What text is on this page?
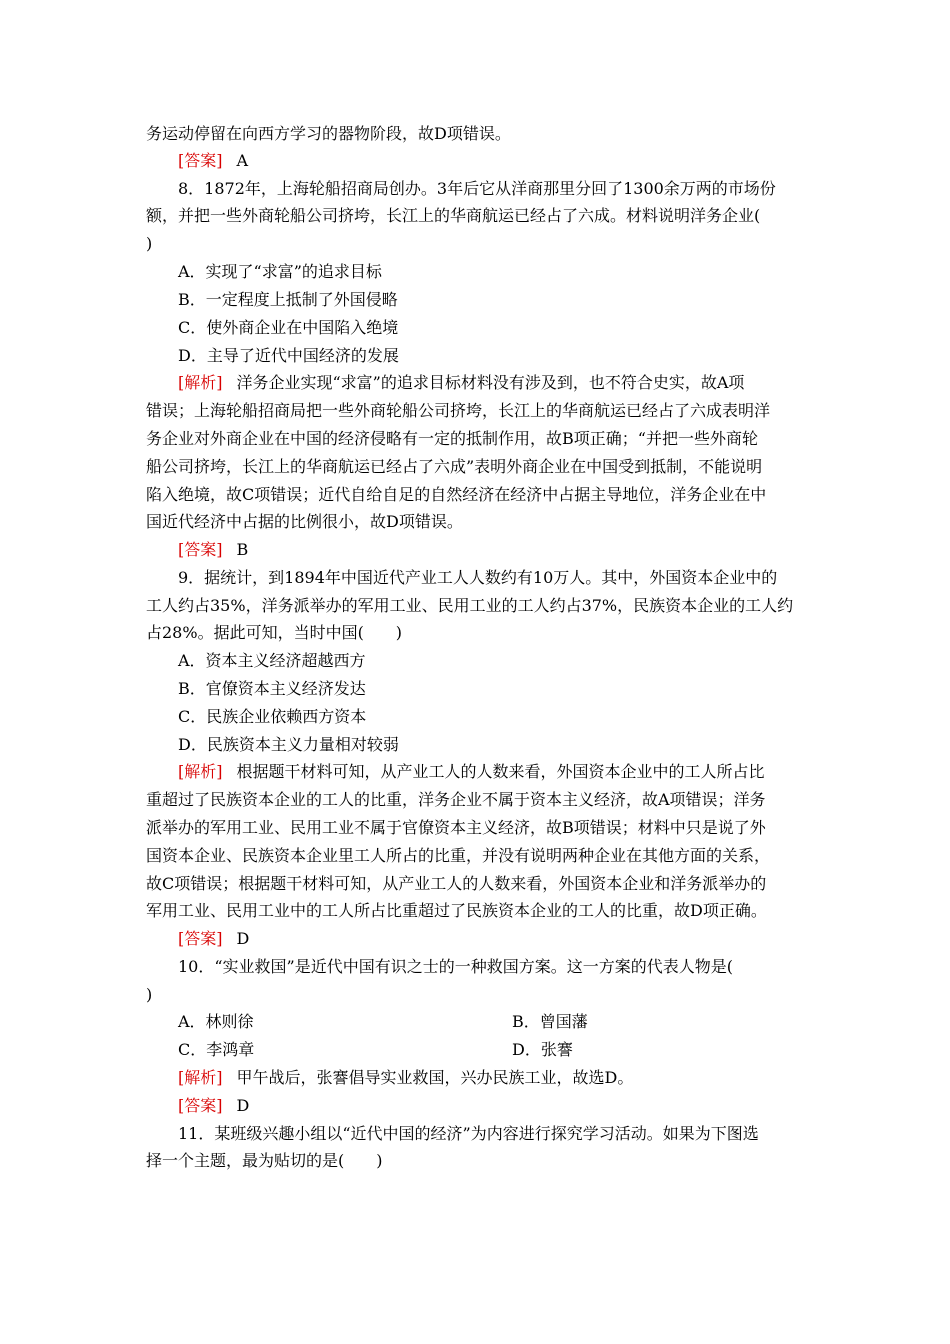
务运动停留在向西方学习的器物阶段，故D项错误。
[答案] A
8．1872年，上海轮船招商局创办。3年后它从洋商那里分回了1300余万两的市场份
额，并把一些外商轮船公司挤垮，长江上的华商航运已经占了六成。材料说明洋务企业(
)
A．实现了“求富”的追求目标
B．一定程度上抵制了外国侵略
C．使外商企业在中国陷入绝境
D．主导了近代中国经济的发展
[解析] 洋务企业实现“求富”的追求目标材料没有涉及到，也不符合史实，故A项
错误；上海轮船招商局把一些外商轮船公司挤垮，长江上的华商航运已经占了六成表明洋
务企业对外商企业在中国的经济侵略有一定的抵制作用，故B项正确；“并把一些外商轮
船公司挤垮，长江上的华商航运已经占了六成”表明外商企业在中国受到抵制，不能说明
陷入绝境，故C项错误；近代自给自足的自然经济在经济中占据主导地位，洋务企业在中
国近代经济中占据的比例很小，故D项错误。
[答案] B
9．据统计，到1894年中国近代产业工人人数约有10万人。其中，外国资本企业中的
工人约占35%，洋务派举办的军用工业、民用工业的工人约占37%，民族资本企业的工人约
占28%。据此可知，当时中国(　　)
A．资本主义经济超越西方
B．官僚资本主义经济发达
C．民族企业依赖西方资本
D．民族资本主义力量相对较弱
[解析] 根据题干材料可知，从产业工人的人数来看，外国资本企业中的工人所占比
重超过了民族资本企业的工人的比重，洋务企业不属于资本主义经济，故A项错误；洋务
派举办的军用工业、民用工业不属于官僚资本主义经济，故B项错误；材料中只是说了外
国资本企业、民族资本企业里工人所占的比重，并没有说明两种企业在其他方面的关系，
故C项错误；根据题干材料可知，从产业工人的人数来看，外国资本企业和洋务派举办的
军用工业、民用工业中的工人所占比重超过了民族资本企业的工人的比重，故D项正确。
[答案] D
10．“实业救国”是近代中国有识之士的一种救国方案。这一方案的代表人物是(
)
A．林则徐	B．曾国藩
C．李鸿章	D．张謇
[解析] 甲午战后，张謇倡导实业救国，兴办民族工业，故选D。
[答案] D
11．某班级兴趣小组以“近代中国的经济”为内容进行探究学习活动。如果为下图选
择一个主题，最为贴切的是(　　)
